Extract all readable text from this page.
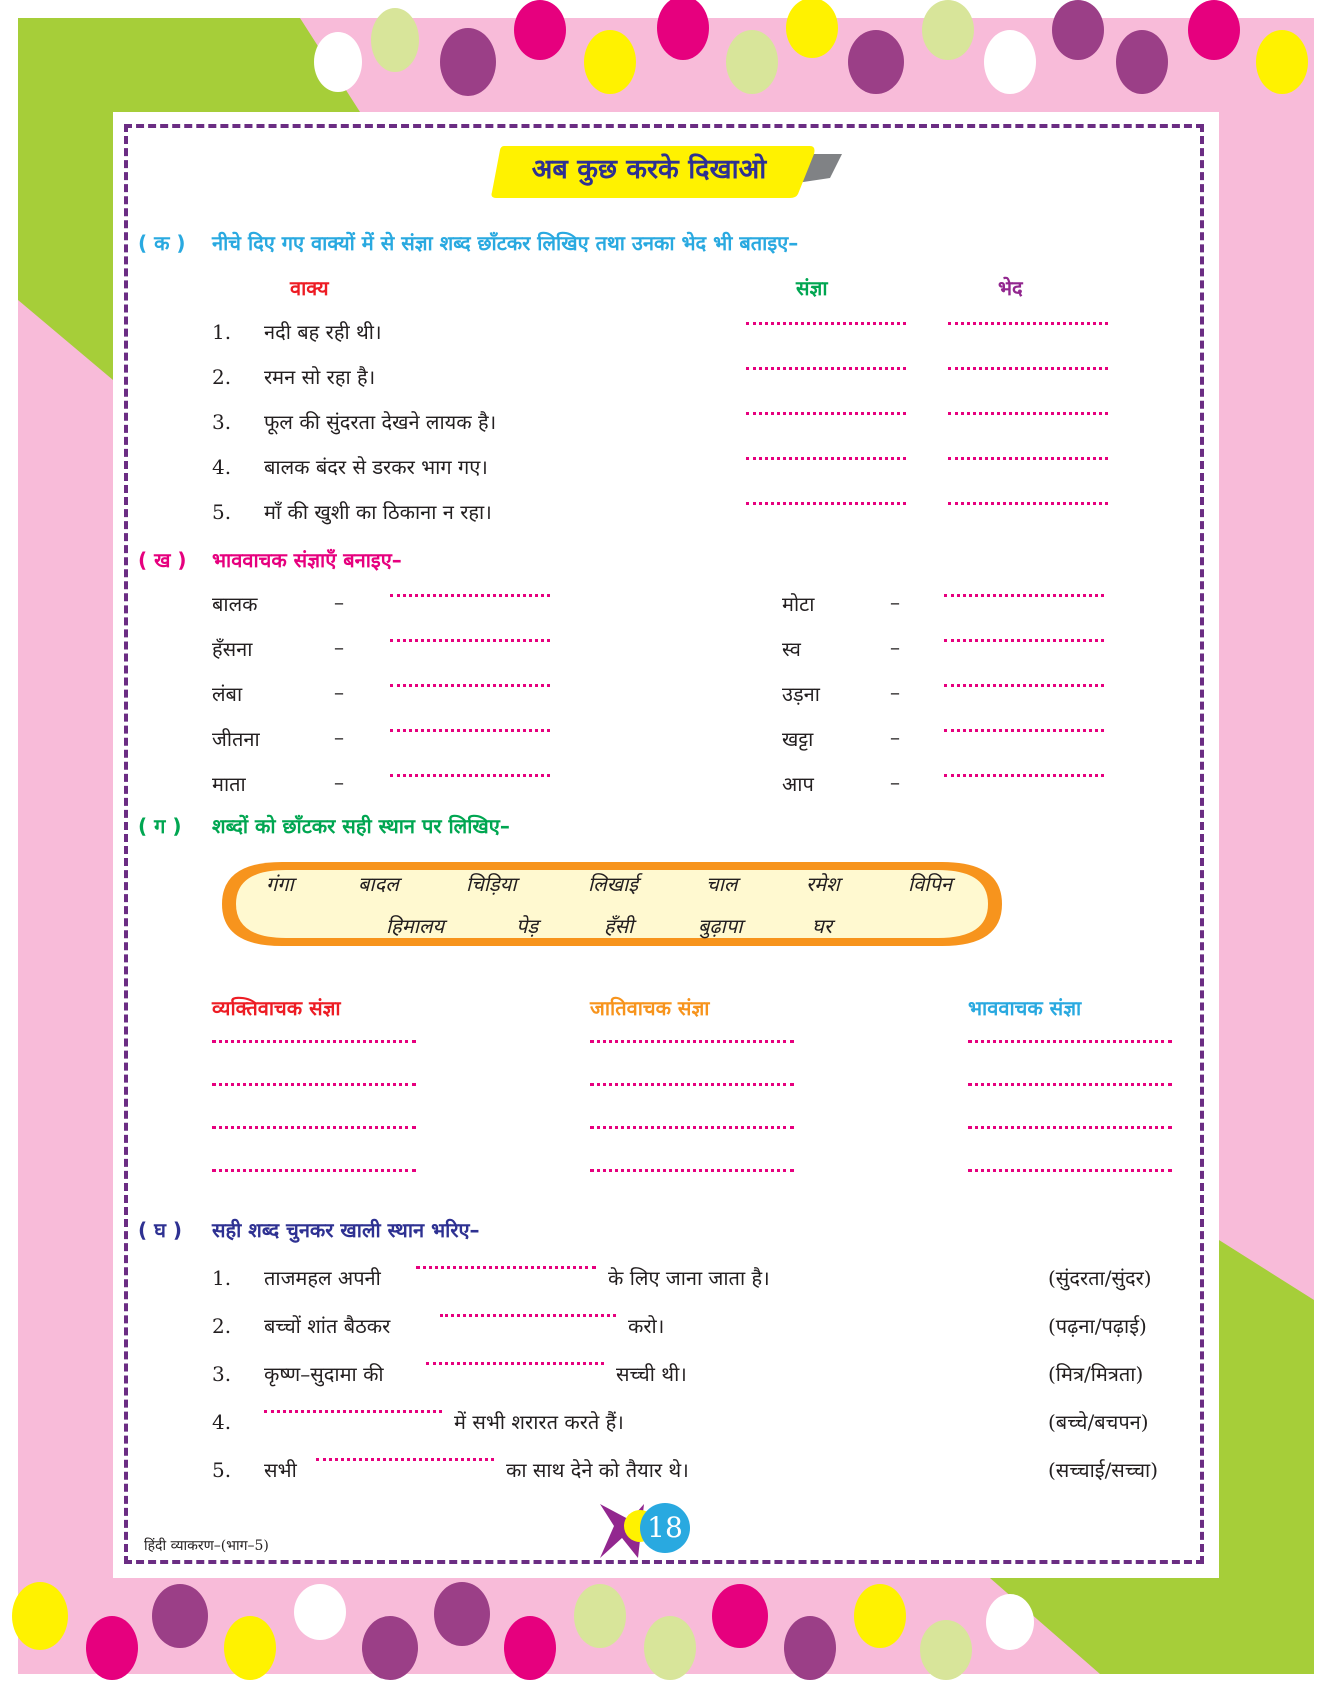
अब कुछ करके दिखाओ
( क ) नीचे दिए गए वाक्यों में से संज्ञा शब्द छाँटकर लिखिए तथा उनका भेद भी बताइए–
वाक्य	संज्ञा	भेद
1. नदी बह रही थी।
2. रमन सो रहा है।
3. फूल की सुंदरता देखने लायक है।
4. बालक बंदर से डरकर भाग गए।
5. माँ की खुशी का ठिकाना न रहा।
( ख ) भाववाचक संज्ञाएँ बनाइए–
बालक	–	मोटा	–
हँसना	–	स्व	–
लंबा	–	उड़ना	–
जीतना	–	खट्टा	–
माता	–	आप	–
( ग ) शब्दों को छाँटकर सही स्थान पर लिखिए–
गंगा	बादल	चिड़िया	लिखाई	चाल	रमेश	विपिन
हिमालय	पेड़	हँसी	बुढ़ापा	घर
व्यक्तिवाचक संज्ञा	जातिवाचक संज्ञा	भाववाचक संज्ञा
( घ ) सही शब्द चुनकर खाली स्थान भरिए–
1. ताजमहल अपनी	के लिए जाना जाता है।	(सुंदरता/सुंदर)
2. बच्चों शांत बैठकर	करो।	(पढ़ना/पढ़ाई)
3. कृष्ण–सुदामा की	सच्ची थी।	(मित्र/मित्रता)
4.	में सभी शरारत करते हैं।	(बच्चे/बचपन)
5. सभी	का साथ देने को तैयार थे।	(सच्चाई/सच्चा)
18
हिंदी व्याकरण–(भाग–5)
